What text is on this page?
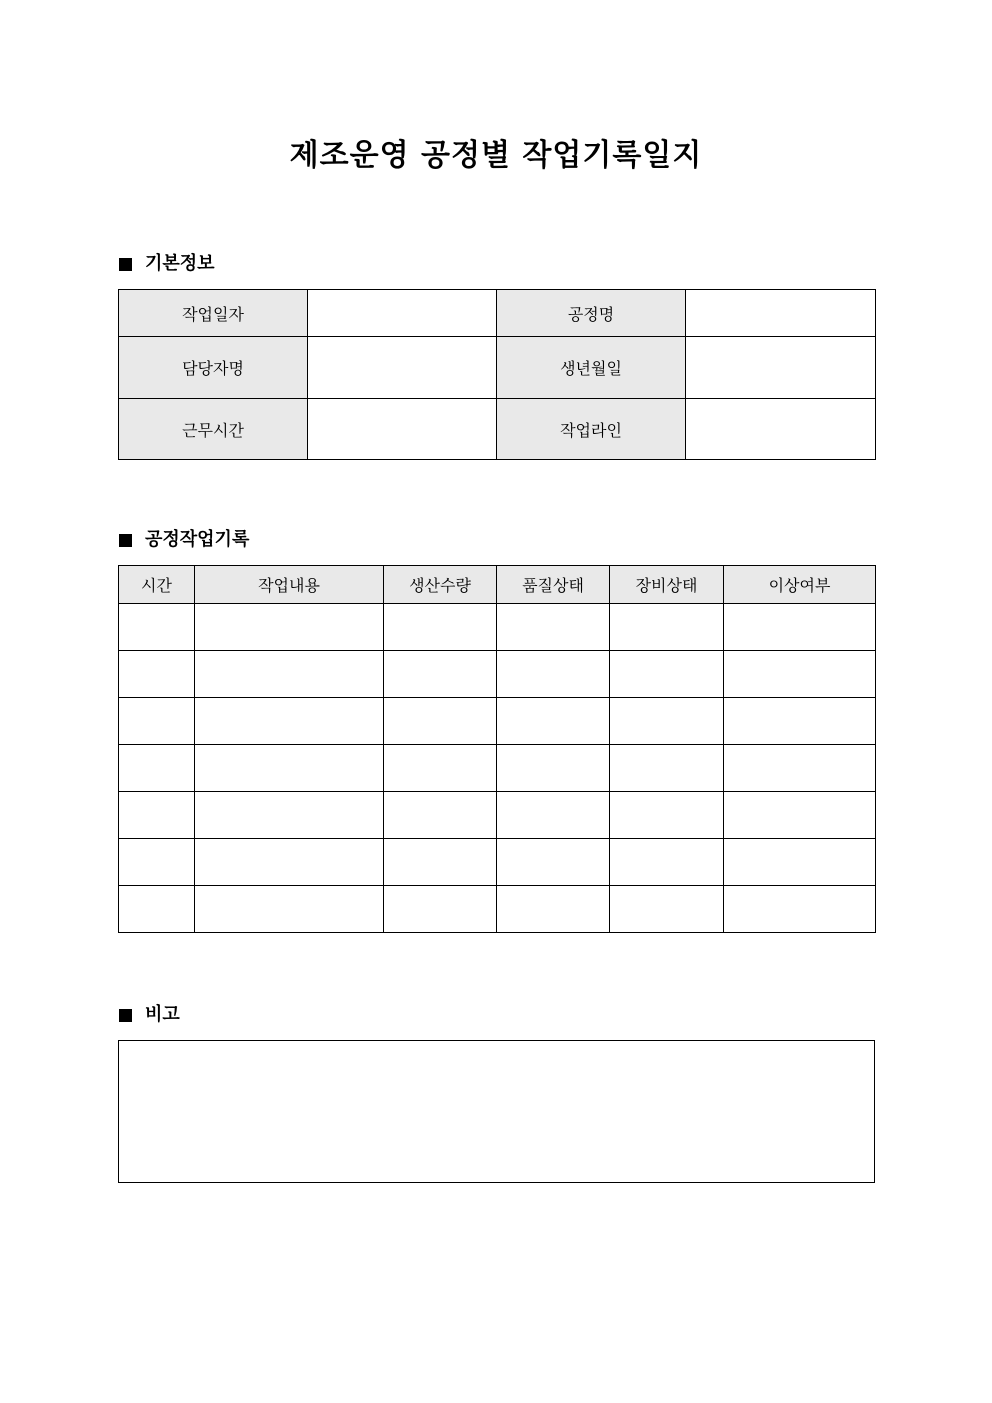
제조운영 공정별 작업기록일지
기본정보
작업일자		공정명	
담당자명		생년월일	
근무시간		작업라인	
공정작업기록
시간	작업내용	생산수량	품질상태	장비상태	이상여부

비고
